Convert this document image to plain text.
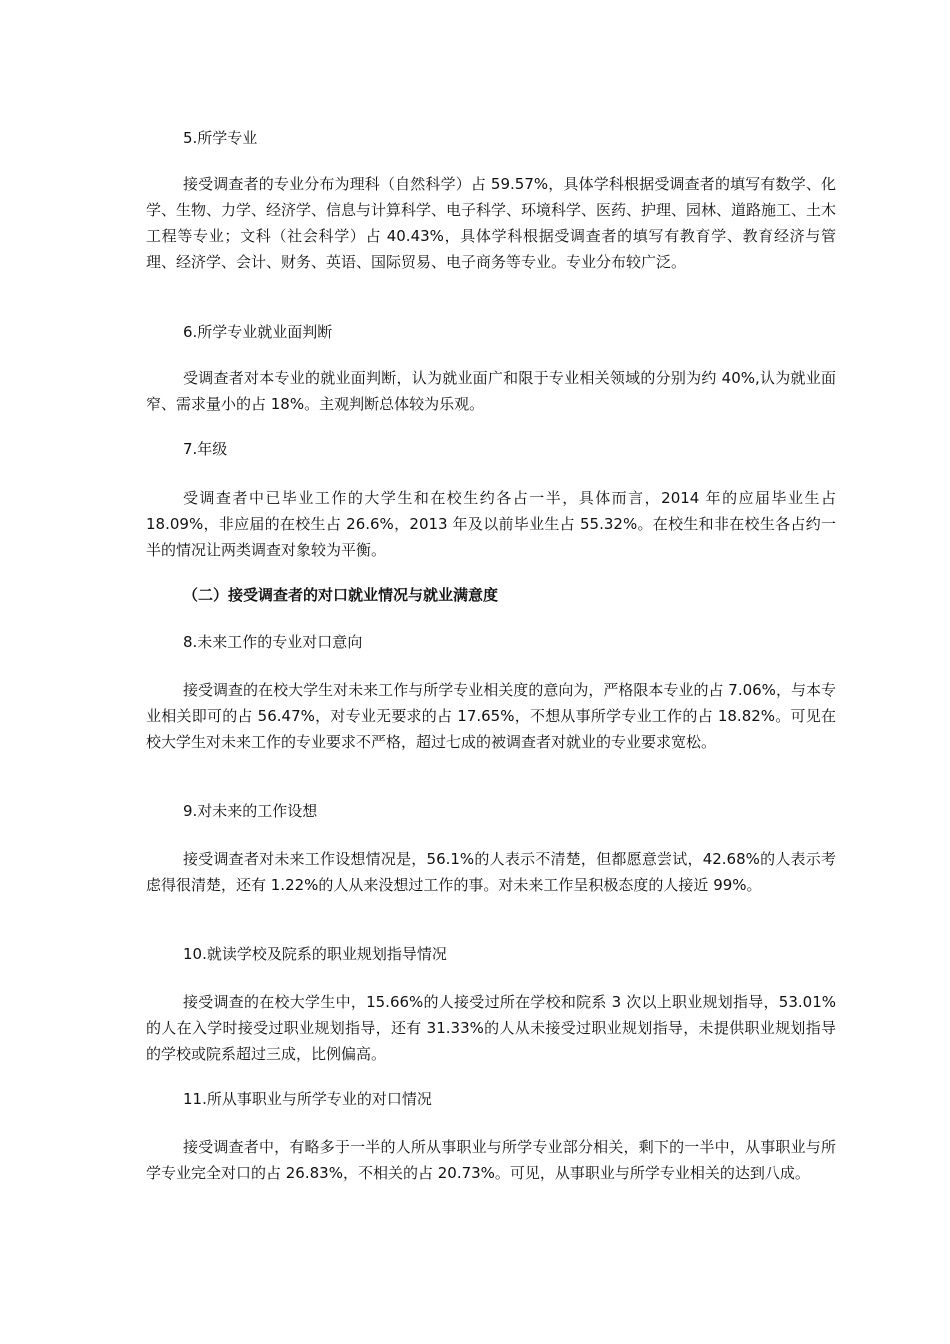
5.所学专业

接受调查者的专业分布为理科（自然科学）占 59.57%，具体学科根据受调查者的填写有数学、化学、生物、力学、经济学、信息与计算科学、电子科学、环境科学、医药、护理、园林、道路施工、土木工程等专业；文科（社会科学）占 40.43%，具体学科根据受调查者的填写有教育学、教育经济与管理、经济学、会计、财务、英语、国际贸易、电子商务等专业。专业分布较广泛。

6.所学专业就业面判断

受调查者对本专业的就业面判断，认为就业面广和限于专业相关领域的分别为约 40%,认为就业面窄、需求量小的占 18%。主观判断总体较为乐观。

7.年级

受调查者中已毕业工作的大学生和在校生约各占一半，具体而言，2014 年的应届毕业生占 18.09%，非应届的在校生占 26.6%，2013 年及以前毕业生占 55.32%。在校生和非在校生各占约一半的情况让两类调查对象较为平衡。

（二）接受调查者的对口就业情况与就业满意度

8.未来工作的专业对口意向

接受调查的在校大学生对未来工作与所学专业相关度的意向为，严格限本专业的占 7.06%，与本专业相关即可的占 56.47%，对专业无要求的占 17.65%，不想从事所学专业工作的占 18.82%。可见在校大学生对未来工作的专业要求不严格，超过七成的被调查者对就业的专业要求宽松。

9.对未来的工作设想

接受调查者对未来工作设想情况是，56.1%的人表示不清楚，但都愿意尝试，42.68%的人表示考虑得很清楚，还有 1.22%的人从来没想过工作的事。对未来工作呈积极态度的人接近 99%。

10.就读学校及院系的职业规划指导情况

接受调查的在校大学生中，15.66%的人接受过所在学校和院系 3 次以上职业规划指导，53.01%的人在入学时接受过职业规划指导，还有 31.33%的人从未接受过职业规划指导，未提供职业规划指导的学校或院系超过三成，比例偏高。

11.所从事职业与所学专业的对口情况

接受调查者中，有略多于一半的人所从事职业与所学专业部分相关，剩下的一半中，从事职业与所学专业完全对口的占 26.83%，不相关的占 20.73%。可见，从事职业与所学专业相关的达到八成。
